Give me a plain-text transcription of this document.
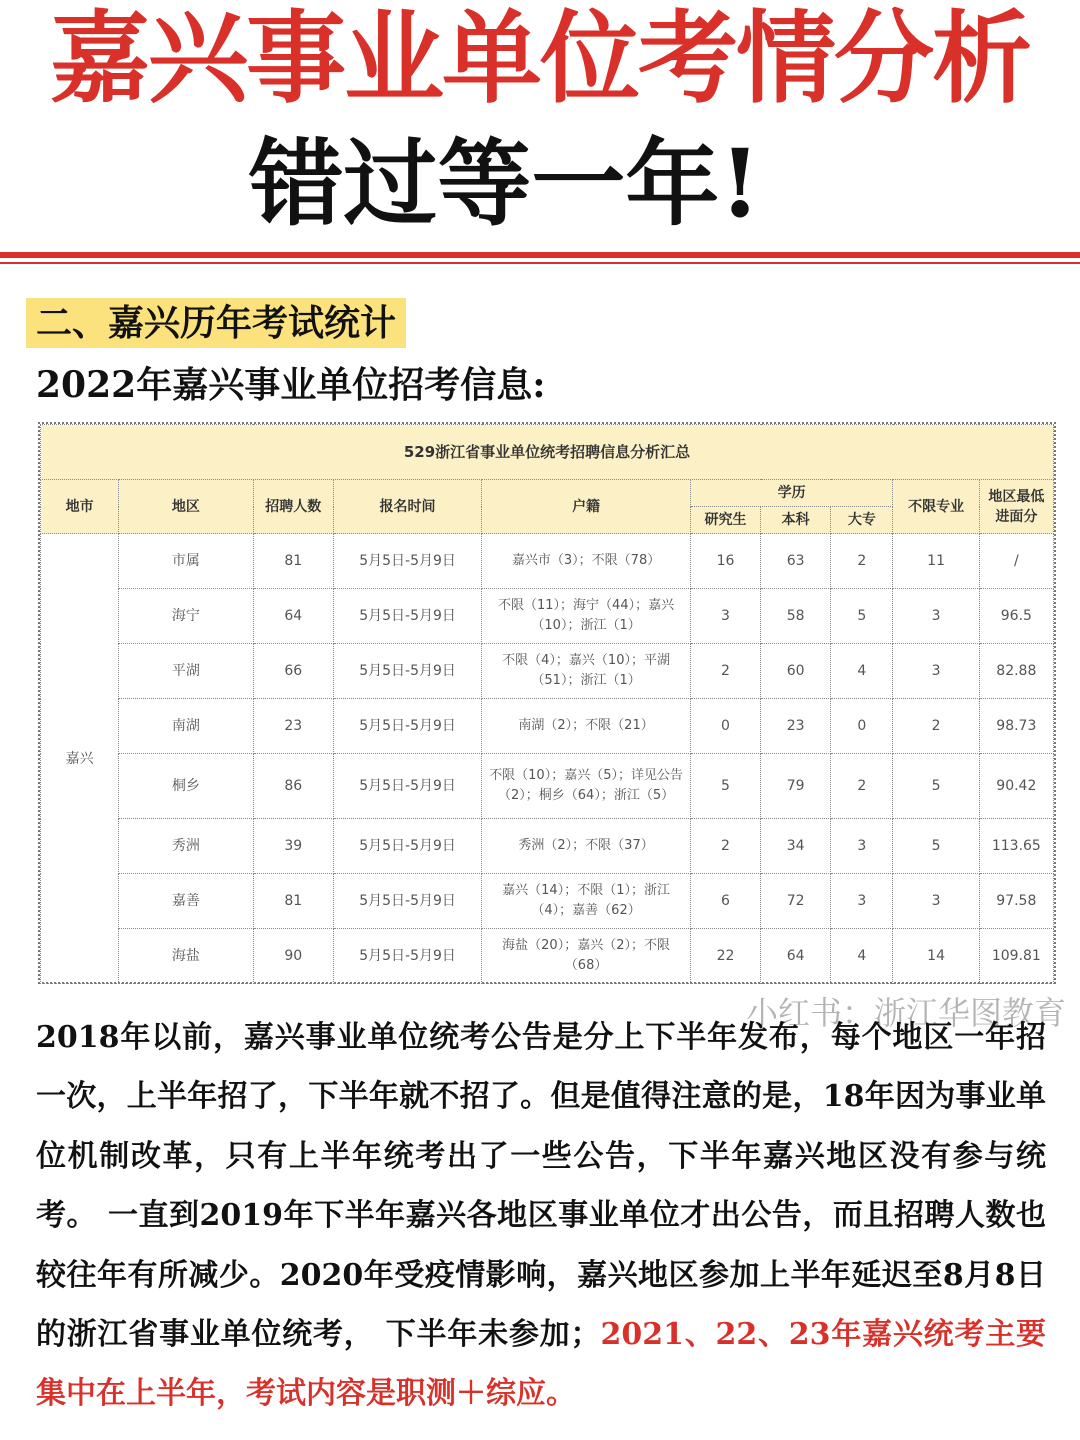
嘉兴事业单位考情分析
错过等一年!
二、嘉兴历年考试统计
2022年嘉兴事业单位招考信息:
529浙江省事业单位统考招聘信息分析汇总									
地市	地区	招聘人数	报名时间	户籍	学历			不限专业	地区最低进面分
					研究生	本科	大专		
嘉兴	市属	81	5月5日-5月9日	嘉兴市（3）；不限（78）	16	63	2	11	/
	海宁	64	5月5日-5月9日	不限（11）；海宁（44）；嘉兴（10）；浙江（1）	3	58	5	3	96.5
	平湖	66	5月5日-5月9日	不限（4）；嘉兴（10）；平湖（51）；浙江（1）	2	60	4	3	82.88
	南湖	23	5月5日-5月9日	南湖（2）；不限（21）	0	23	0	2	98.73
	桐乡	86	5月5日-5月9日	不限（10）；嘉兴（5）；详见公告（2）；桐乡（64）；浙江（5）	5	79	2	5	90.42
	秀洲	39	5月5日-5月9日	秀洲（2）；不限（37）	2	34	3	5	113.65
	嘉善	81	5月5日-5月9日	嘉兴（14）；不限（1）；浙江（4）；嘉善（62）	6	72	3	3	97.58
	海盐	90	5月5日-5月9日	海盐（20）；嘉兴（2）；不限（68）	22	64	4	14	109.81
小红书：浙江华图教育
2018年以前，嘉兴事业单位统考公告是分上下半年发布，每个地区一年招一次，上半年招了，下半年就不招了。但是值得注意的是，18年因为事业单位机制改革，只有上半年统考出了一些公告，下半年嘉兴地区没有参与统考。 一直到2019年下半年嘉兴各地区事业单位才出公告，而且招聘人数也较往年有所减少。2020年受疫情影响，嘉兴地区参加上半年延迟至8月8日的浙江省事业单位统考， 下半年未参加；2021、22、23年嘉兴统考主要集中在上半年，考试内容是职测＋综应。
